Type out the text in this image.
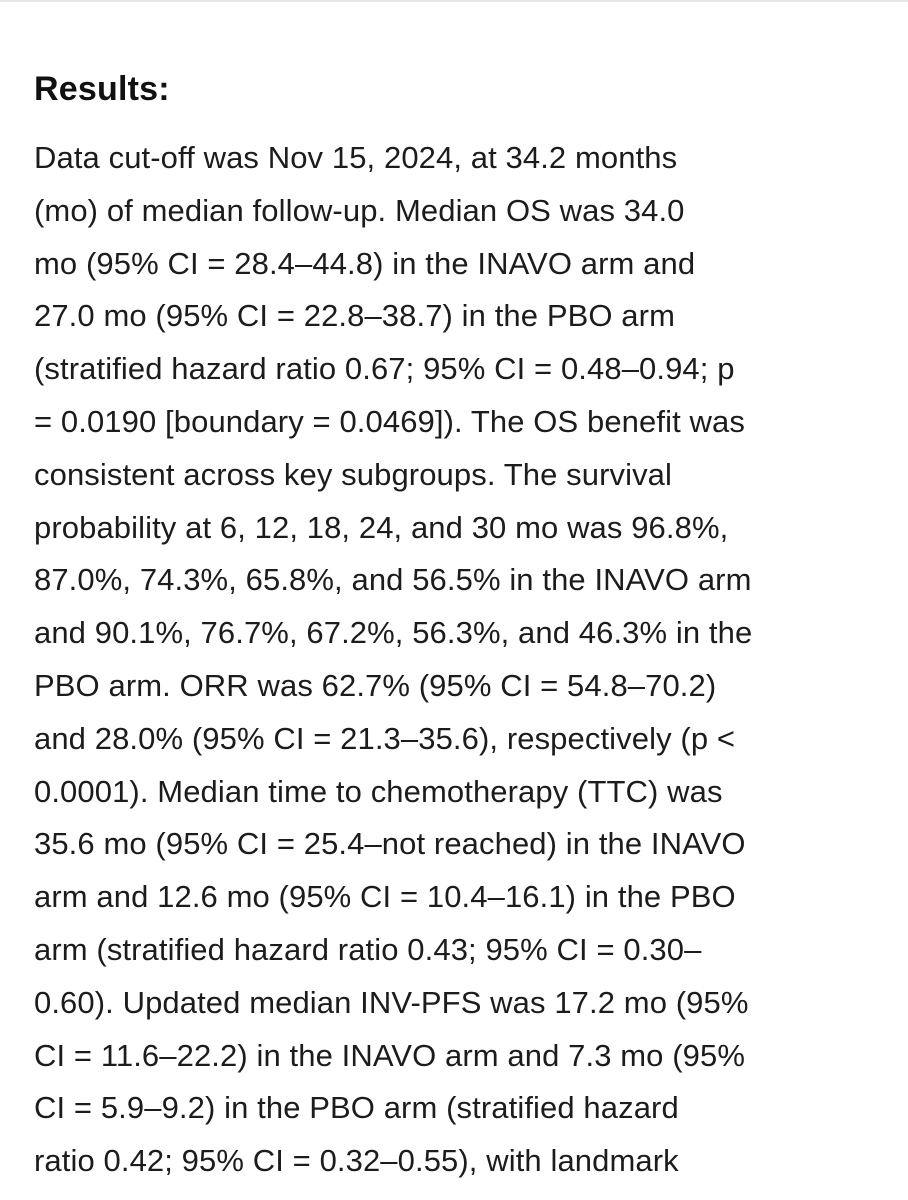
Results:

Data cut-off was Nov 15, 2024, at 34.2 months
(mo) of median follow-up. Median OS was 34.0
mo (95% CI = 28.4–44.8) in the INAVO arm and
27.0 mo (95% CI = 22.8–38.7) in the PBO arm
(stratified hazard ratio 0.67; 95% CI = 0.48–0.94; p
= 0.0190 [boundary = 0.0469]). The OS benefit was
consistent across key subgroups. The survival
probability at 6, 12, 18, 24, and 30 mo was 96.8%,
87.0%, 74.3%, 65.8%, and 56.5% in the INAVO arm
and 90.1%, 76.7%, 67.2%, 56.3%, and 46.3% in the
PBO arm. ORR was 62.7% (95% CI = 54.8–70.2)
and 28.0% (95% CI = 21.3–35.6), respectively (p <
0.0001). Median time to chemotherapy (TTC) was
35.6 mo (95% CI = 25.4–not reached) in the INAVO
arm and 12.6 mo (95% CI = 10.4–16.1) in the PBO
arm (stratified hazard ratio 0.43; 95% CI = 0.30–
0.60). Updated median INV-PFS was 17.2 mo (95%
CI = 11.6–22.2) in the INAVO arm and 7.3 mo (95%
CI = 5.9–9.2) in the PBO arm (stratified hazard
ratio 0.42; 95% CI = 0.32–0.55), with landmark
